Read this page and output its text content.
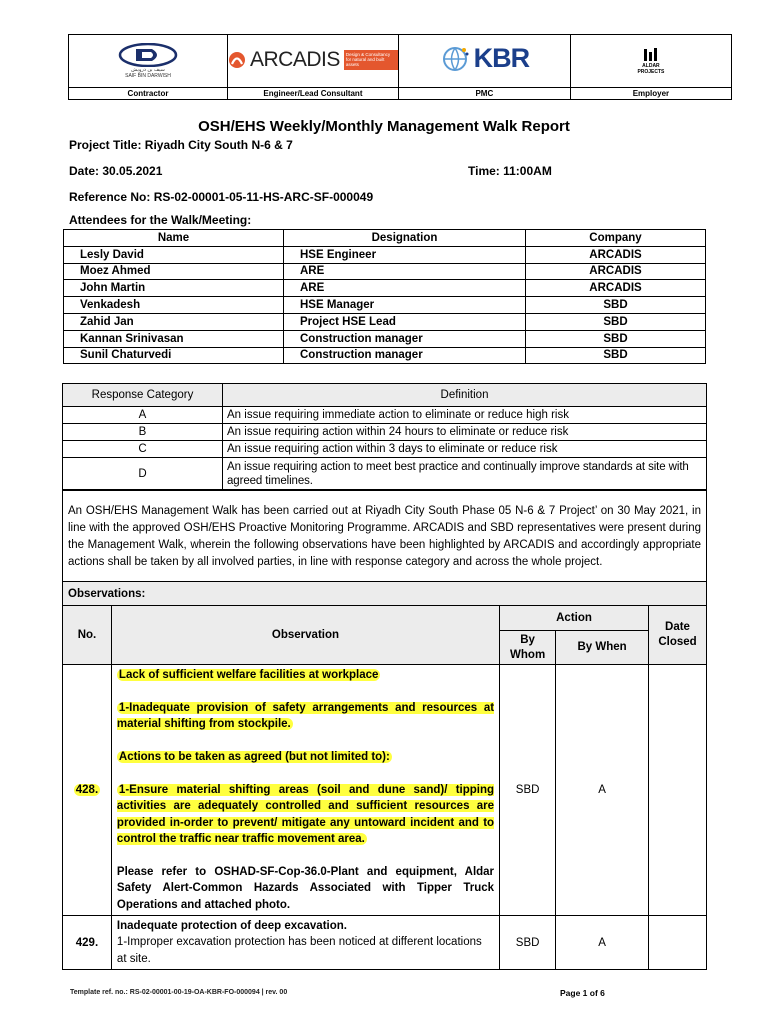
سيف بن درويش
SAIF BIN DARWISH	ARCADIS Design & Consultancy for natural and built assets	KBR	ALDAR PROJECTS

Contractor	Engineer/Lead Consultant	PMC	Employer
OSH/EHS Weekly/Monthly Management Walk Report
Project Title: Riyadh City South N-6 & 7
Date: 30.05.2021	Time: 11:00AM
Reference No: RS-02-00001-05-11-HS-ARC-SF-000049
Attendees for the Walk/Meeting:
Name	Designation	Company
Lesly David	HSE Engineer	ARCADIS
Moez Ahmed	ARE	ARCADIS
John Martin	ARE	ARCADIS
Venkadesh	HSE Manager	SBD
Zahid Jan	Project HSE Lead	SBD
Kannan Srinivasan	Construction manager	SBD
Sunil Chaturvedi	Construction manager	SBD
Response Category	Definition
A	An issue requiring immediate action to eliminate or reduce high risk
B	An issue requiring action within 24 hours to eliminate or reduce risk
C	An issue requiring action within 3 days to eliminate or reduce risk
D	An issue requiring action to meet best practice and continually improve standards at site with agreed timelines.
An OSH/EHS Management Walk has been carried out at Riyadh City South Phase 05 N-6 & 7 Project’ on 30 May 2021, in line with the approved OSH/EHS Proactive Monitoring Programme. ARCADIS and SBD representatives were present during the Management Walk, wherein the following observations have been highlighted by ARCADIS and accordingly appropriate actions shall be taken by all involved parties, in line with response category and across the whole project.				
Observations:				
No.	Observation	Action		Date Closed
		By Whom	By When	
428.	Lack of sufficient welfare facilities at workplace
1-Inadequate provision of safety arrangements and resources at material shifting from stockpile.
Actions to be taken as agreed (but not limited to):
1-Ensure material shifting areas (soil and dune sand)/ tipping activities are adequately controlled and sufficient resources are provided in-order to prevent/ mitigate any untoward incident and to control the traffic near traffic movement area.
Please refer to OSHAD-SF-Cop-36.0-Plant and equipment, Aldar Safety Alert-Common Hazards Associated with Tipper Truck Operations and attached photo.	SBD	A	
429.	Inadequate protection of deep excavation.
1-Improper excavation protection has been noticed at different locations at site.	SBD	A	
Template ref. no.: RS-02-00001-00-19-OA-KBR-FO-000094 | rev. 00	Page 1 of 6
